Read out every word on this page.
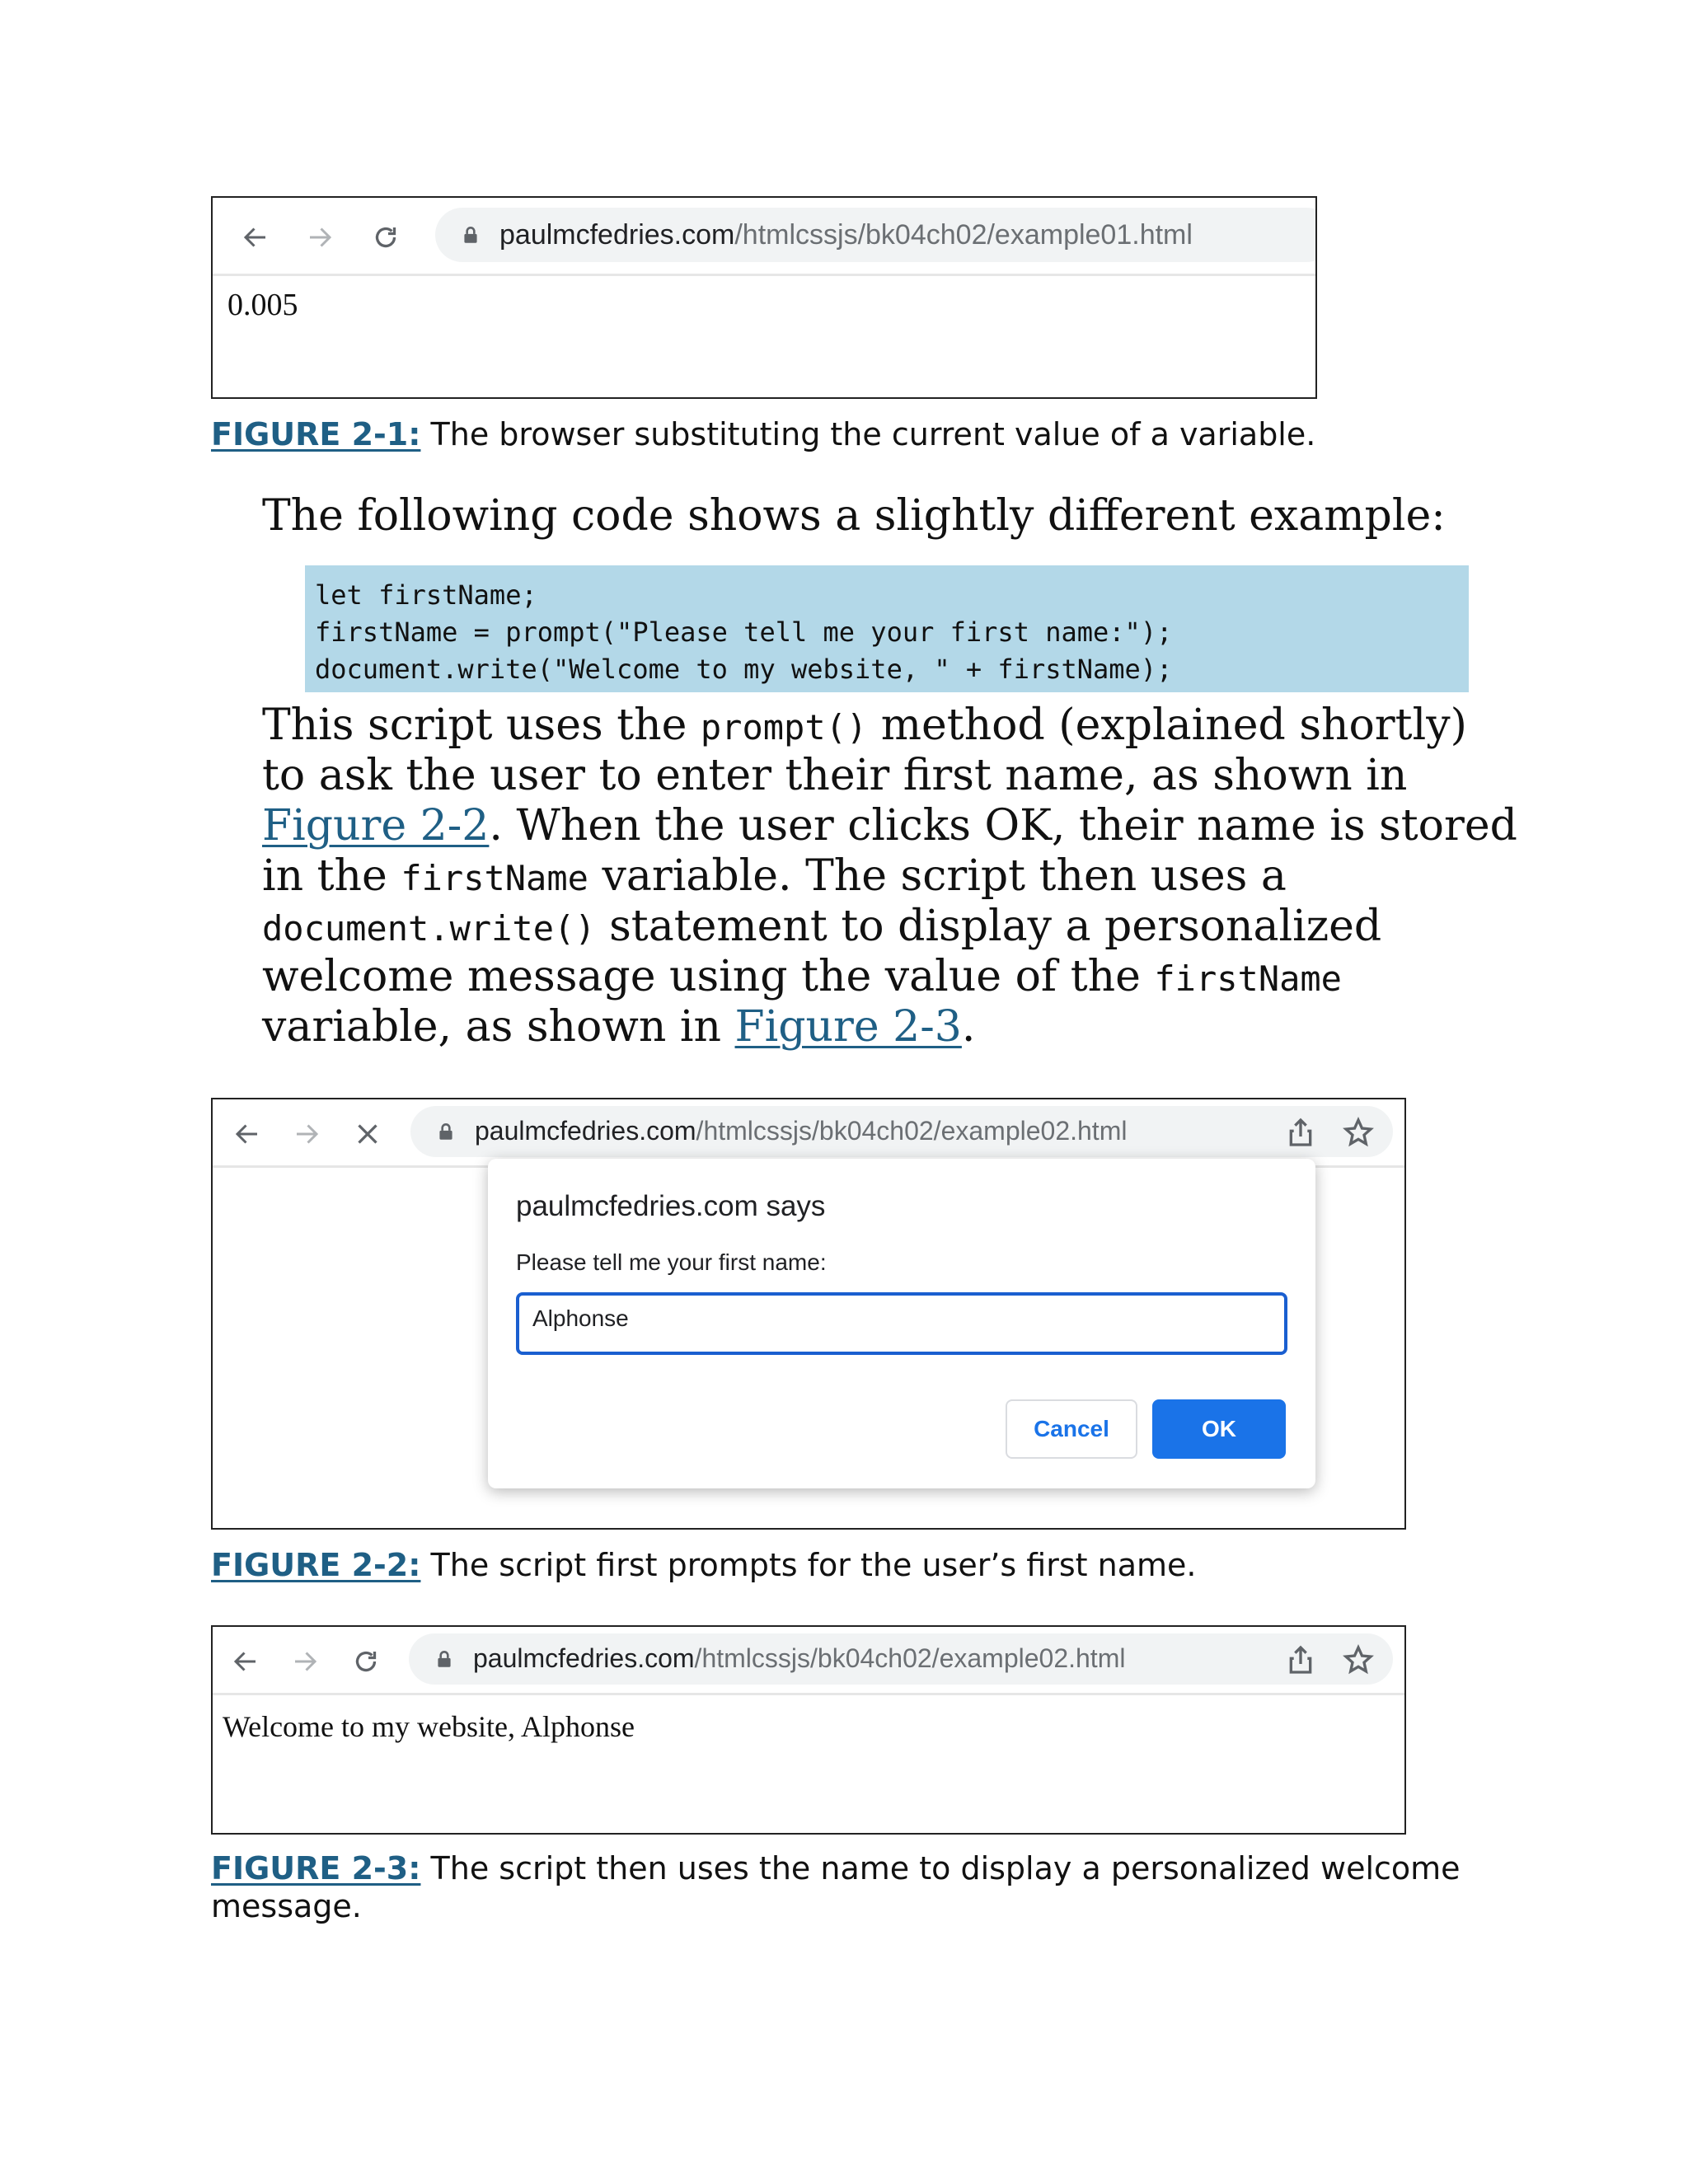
paulmcfedries.com/htmlcssjs/bk04ch02/example01.html
0.005
FIGURE 2-1: The browser substituting the current value of a variable.
The following code shows a slightly different example:
let firstName;
firstName = prompt("Please tell me your first name:");
document.write("Welcome to my website, " + firstName);
This script uses the prompt() method (explained shortly)
to ask the user to enter their first name, as shown in
Figure 2-2. When the user clicks OK, their name is stored
in the firstName variable. The script then uses a
document.write() statement to display a personalized
welcome message using the value of the firstName
variable, as shown in Figure 2-3.
paulmcfedries.com/htmlcssjs/bk04ch02/example02.html
paulmcfedries.com says
Please tell me your first name:
Alphonse
Cancel	OK
FIGURE 2-2: The script first prompts for the user’s first name.
paulmcfedries.com/htmlcssjs/bk04ch02/example02.html
Welcome to my website, Alphonse
FIGURE 2-3: The script then uses the name to display a personalized welcome
message.
